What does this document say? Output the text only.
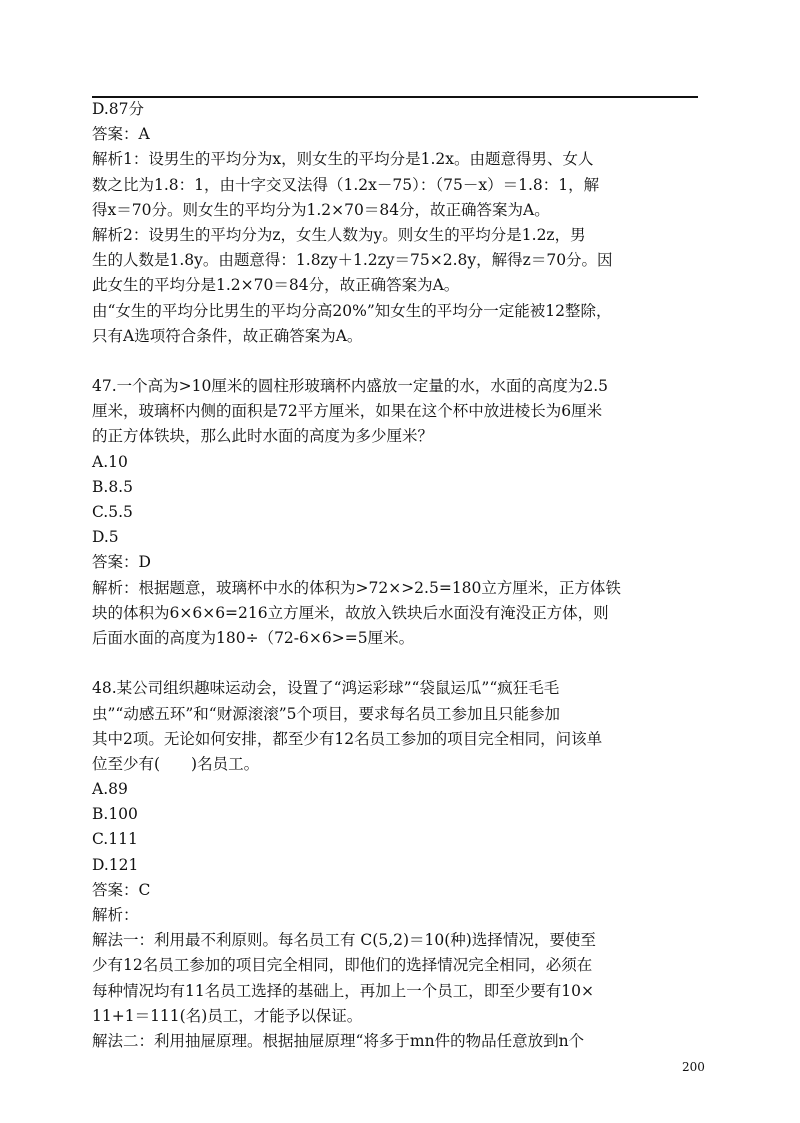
D.87分
答案：A
解析1：设男生的平均分为x，则女生的平均分是1.2x。由题意得男、女人
数之比为1.8：1，由十字交叉法得（1.2x－75）：（75－x）＝1.8：1，解
得x＝70分。则女生的平均分为1.2×70＝84分，故正确答案为A。
解析2：设男生的平均分为z，女生人数为y。则女生的平均分是1.2z，男
生的人数是1.8y。由题意得：1.8zy＋1.2zy＝75×2.8y，解得z＝70分。因
此女生的平均分是1.2×70＝84分，故正确答案为A。
由“女生的平均分比男生的平均分高20%”知女生的平均分一定能被12整除，
只有A选项符合条件，故正确答案为A。
47.一个高为>10厘米的圆柱形玻璃杯内盛放一定量的水，水面的高度为2.5
厘米，玻璃杯内侧的面积是72平方厘米，如果在这个杯中放进棱长为6厘米
的正方体铁块，那么此时水面的高度为多少厘米？
A.10
B.8.5
C.5.5
D.5
答案：D
解析：根据题意，玻璃杯中水的体积为>72×>2.5=180立方厘米，正方体铁
块的体积为6×6×6=216立方厘米，故放入铁块后水面没有淹没正方体，则
后面水面的高度为180÷（72-6×6>=5厘米。
48.某公司组织趣味运动会，设置了“鸿运彩球”“袋鼠运瓜”“疯狂毛毛
虫”“动感五环”和“财源滚滚”5个项目，要求每名员工参加且只能参加
其中2项。无论如何安排，都至少有12名员工参加的项目完全相同，问该单
位至少有(　　)名员工。
A.89
B.100
C.111
D.121
答案：C
解析：
解法一：利用最不利原则。每名员工有 C(5,2)＝10(种)选择情况，要使至
少有12名员工参加的项目完全相同，即他们的选择情况完全相同，必须在
每种情况均有11名员工选择的基础上，再加上一个员工，即至少要有10×
11+1＝111(名)员工，才能予以保证。
解法二：利用抽屉原理。根据抽屉原理“将多于mn件的物品任意放到n个
200
